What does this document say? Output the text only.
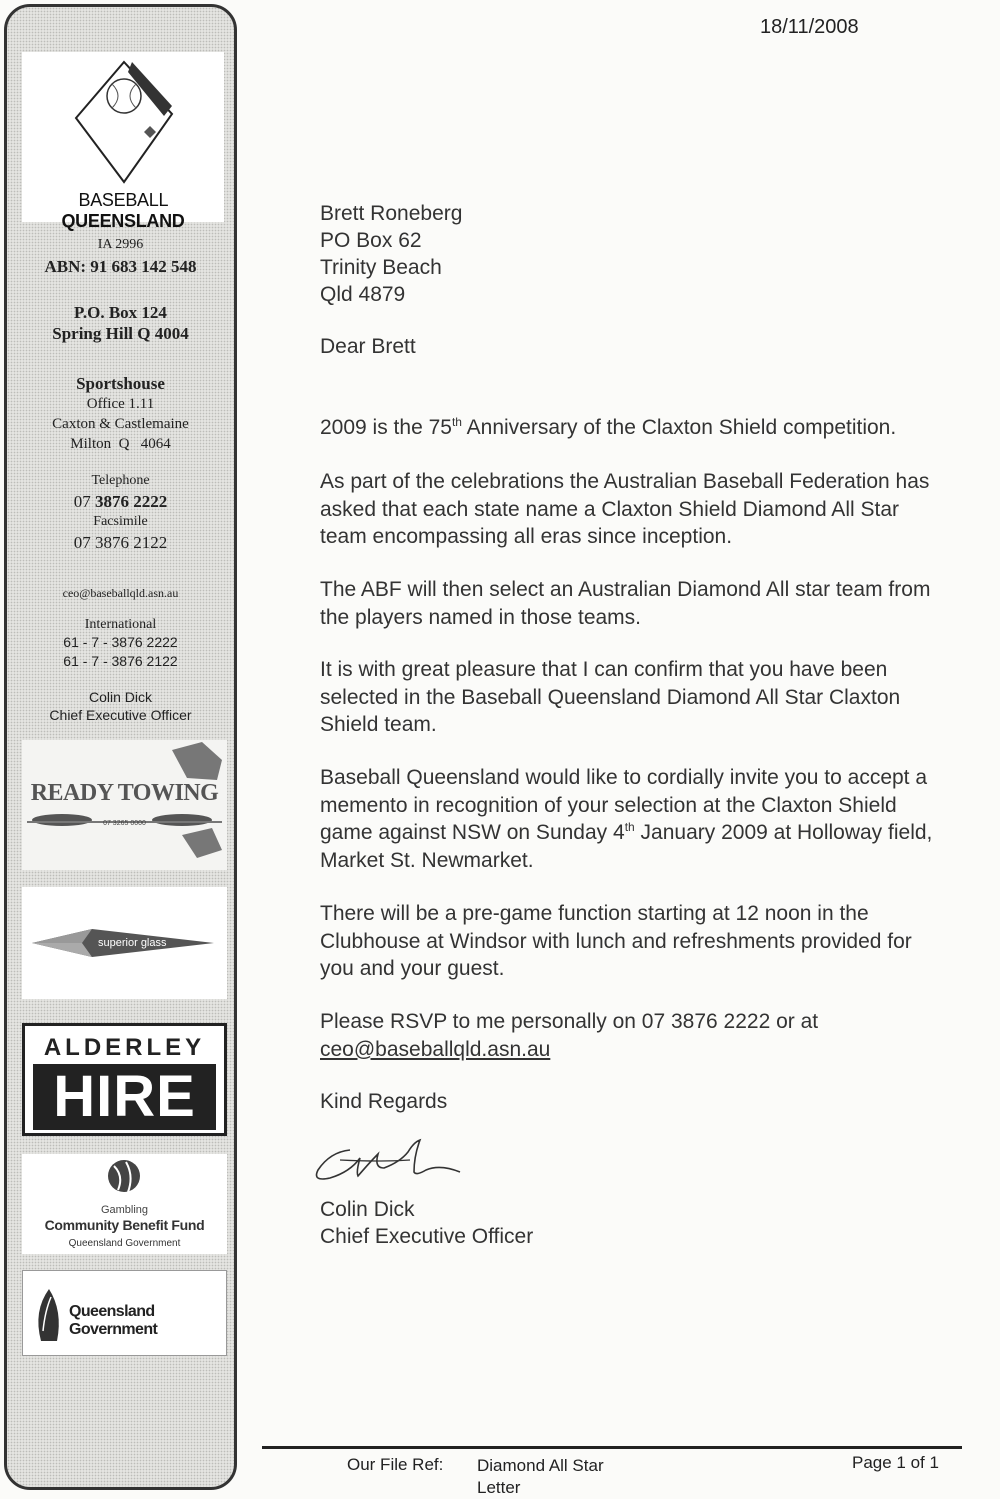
BASEBALL QUEENSLAND
IA 2996
ABN: 91 683 142 548
P.O. Box 124
Spring Hill Q 4004
Sportshouse
Office 1.11
Caxton & Castlemaine
Milton  Q   4064
Telephone
07 3876 2222
Facsimile
07 3876 2122
ceo@baseballqld.asn.au
International
61 - 7 - 3876 2222
61 - 7 - 3876 2122
Colin Dick
Chief Executive Officer
READY TOWING
07 3265 0000
superior glass
ALDERLEY
HIRE
Gambling
Community Benefit Fund
Queensland Government
Queensland Government
18/11/2008
Brett Roneberg
PO Box 62
Trinity Beach
Qld 4879
Dear Brett
2009 is the 75th Anniversary of the Claxton Shield competition.
As part of the celebrations the Australian Baseball Federation has
asked that each state name a Claxton Shield Diamond All Star
team encompassing all eras since inception.
The ABF will then select an Australian Diamond All star team from
the players named in those teams.
It is with great pleasure that I can confirm that you have been
selected in the Baseball Queensland Diamond All Star Claxton
Shield team.
Baseball Queensland would like to cordially invite you to accept a
memento in recognition of your selection at the Claxton Shield
game against NSW on Sunday 4th January 2009 at Holloway field,
Market St. Newmarket.
There will be a pre-game function starting at 12 noon in the
Clubhouse at Windsor with lunch and refreshments provided for
you and your guest.
Please RSVP to me personally on 07 3876 2222 or at
ceo@baseballqld.asn.au
Kind Regards
Colin Dick
Chief Executive Officer
Our File Ref: Diamond All Star
Letter
Page 1 of 1
